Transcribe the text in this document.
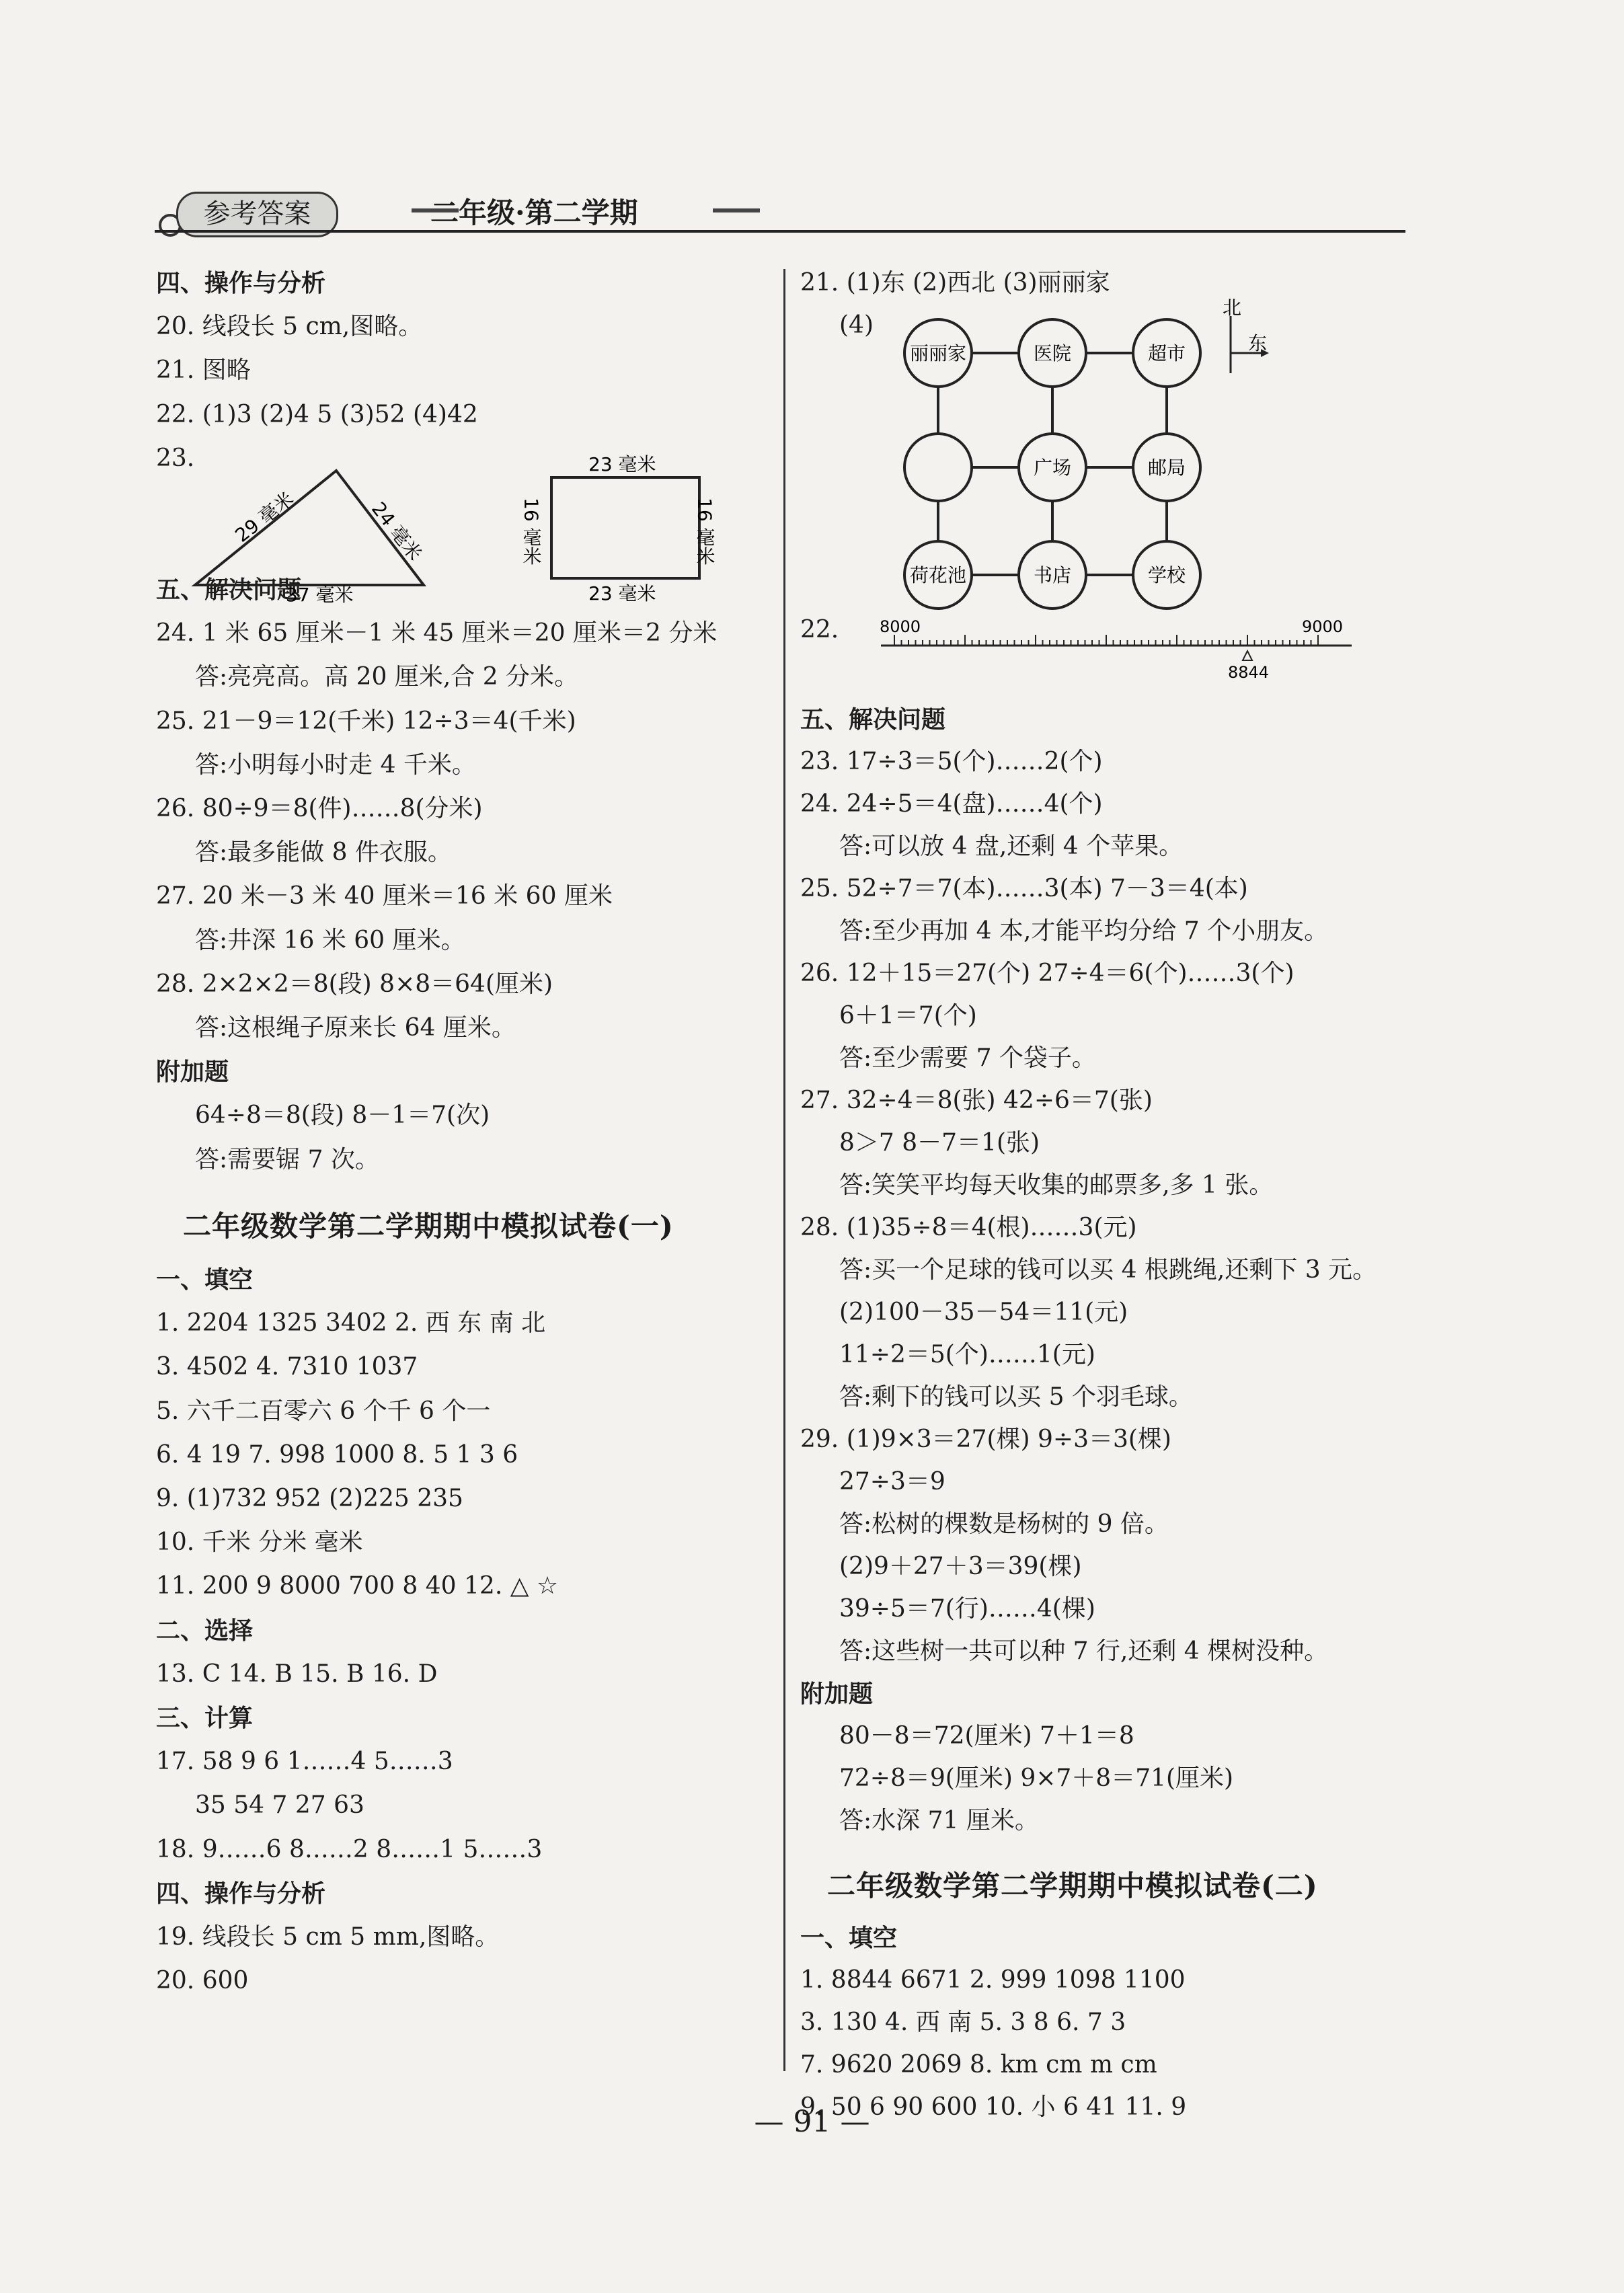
参考答案	二年级·第二学期
四、操作与分析
20. 线段长 5 cm,图略。
21. 图略
22. (1)3 (2)4 5 (3)52 (4)42
23.
五、解决问题
24. 1 米 65 厘米－1 米 45 厘米＝20 厘米＝2 分米
答:亮亮高。高 20 厘米,合 2 分米。
25. 21－9＝12(千米) 12÷3＝4(千米)
答:小明每小时走 4 千米。
26. 80÷9＝8(件)……8(分米)
答:最多能做 8 件衣服。
27. 20 米－3 米 40 厘米＝16 米 60 厘米
答:井深 16 米 60 厘米。
28. 2×2×2＝8(段) 8×8＝64(厘米)
答:这根绳子原来长 64 厘米。
附加题
64÷8＝8(段) 8－1＝7(次)
答:需要锯 7 次。
二年级数学第二学期期中模拟试卷(一)
一、填空
1. 2204 1325 3402 2. 西 东 南 北
3. 4502 4. 7310 1037
5. 六千二百零六 6 个千 6 个一
6. 4 19 7. 998 1000 8. 5 1 3 6
9. (1)732 952 (2)225 235
10. 千米 分米 毫米
11. 200 9 8000 700 8 40 12. △ ☆
二、选择
13. C 14. B 15. B 16. D
三、计算
17. 58 9 6 1……4 5……3
35 54 7 27 63
18. 9……6 8……2 8……1 5……3
四、操作与分析
19. 线段长 5 cm 5 mm,图略。
20. 600
21. (1)东 (2)西北 (3)丽丽家
(4)
22.
五、解决问题
23. 17÷3＝5(个)……2(个)
24. 24÷5＝4(盘)……4(个)
答:可以放 4 盘,还剩 4 个苹果。
25. 52÷7＝7(本)……3(本) 7－3＝4(本)
答:至少再加 4 本,才能平均分给 7 个小朋友。
26. 12＋15＝27(个) 27÷4＝6(个)……3(个)
6＋1＝7(个)
答:至少需要 7 个袋子。
27. 32÷4＝8(张) 42÷6＝7(张)
8＞7 8－7＝1(张)
答:笑笑平均每天收集的邮票多,多 1 张。
28. (1)35÷8＝4(根)……3(元)
答:买一个足球的钱可以买 4 根跳绳,还剩下 3 元。
(2)100－35－54＝11(元)
11÷2＝5(个)……1(元)
答:剩下的钱可以买 5 个羽毛球。
29. (1)9×3＝27(棵) 9÷3＝3(棵)
27÷3＝9
答:松树的棵数是杨树的 9 倍。
(2)9＋27＋3＝39(棵)
39÷5＝7(行)……4(棵)
答:这些树一共可以种 7 行,还剩 4 棵树没种。
附加题
80－8＝72(厘米) 7＋1＝8
72÷8＝9(厘米) 9×7＋8＝71(厘米)
答:水深 71 厘米。
二年级数学第二学期期中模拟试卷(二)
一、填空
1. 8844 6671 2. 999 1098 1100
3. 130 4. 西 南 5. 3 8 6. 7 3
7. 9620 2069 8. km cm m cm
9. 50 6 90 600 10. 小 6 41 11. 9
29 毫米	24 毫米
37 毫米
23 毫米
23 毫米
16 毫米	16 毫米
丽丽家	医院	超市
广场	邮局
荷花池	书店	学校
北
东
8000	9000
8844
— 91 —
